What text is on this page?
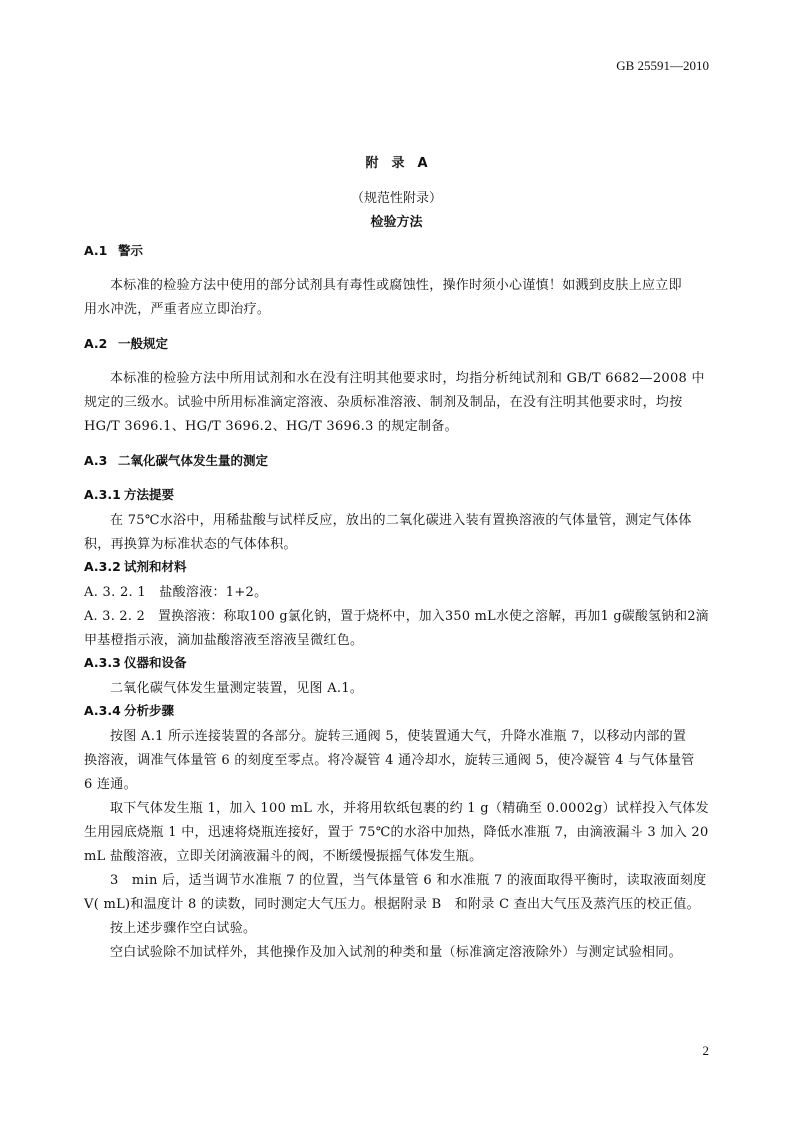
GB 25591—2010
附　录　A
（规范性附录）
检验方法
A.1 警示
本标准的检验方法中使用的部分试剂具有毒性或腐蚀性，操作时须小心谨慎！如溅到皮肤上应立即
用水冲洗，严重者应立即治疗。
A.2 一般规定
本标准的检验方法中所用试剂和水在没有注明其他要求时，均指分析纯试剂和 GB/T 6682—2008 中
规定的三级水。试验中所用标准滴定溶液、杂质标准溶液、制剂及制品，在没有注明其他要求时，均按
HG/T 3696.1、HG/T 3696.2、HG/T 3696.3 的规定制备。
A.3 二氧化碳气体发生量的测定
A.3.1 方法提要
在 75℃水浴中，用稀盐酸与试样反应，放出的二氧化碳进入装有置换溶液的气体量管，测定气体体
积，再换算为标准状态的气体体积。
A.3.2 试剂和材料
A. 3. 2. 1　盐酸溶液：1+2。
A. 3. 2. 2　置换溶液：称取100 g氯化钠，置于烧杯中，加入350 mL水使之溶解，再加1 g碳酸氢钠和2滴
甲基橙指示液，滴加盐酸溶液至溶液呈微红色。
A.3.3 仪器和设备
二氧化碳气体发生量测定装置，见图 A.1。
A.3.4 分析步骤
按图 A.1 所示连接装置的各部分。旋转三通阀 5，使装置通大气，升降水准瓶 7，以移动内部的置
换溶液，调准气体量管 6 的刻度至零点。将冷凝管 4 通冷却水，旋转三通阀 5，使冷凝管 4 与气体量管
6 连通。
取下气体发生瓶 1，加入 100 mL 水，并将用软纸包裹的约 1 g（精确至 0.0002g）试样投入气体发
生用园底烧瓶 1 中，迅速将烧瓶连接好，置于 75℃的水浴中加热，降低水准瓶 7，由滴液漏斗 3 加入 20
mL 盐酸溶液，立即关闭滴液漏斗的阀，不断缓慢振摇气体发生瓶。
3　min 后，适当调节水准瓶 7 的位置，当气体量管 6 和水准瓶 7 的液面取得平衡时，读取液面刻度
V( mL)和温度计 8 的读数，同时测定大气压力。根据附录 B　和附录 C 查出大气压及蒸汽压的校正值。
按上述步骤作空白试验。
空白试验除不加试样外，其他操作及加入试剂的种类和量（标准滴定溶液除外）与测定试验相同。
2
